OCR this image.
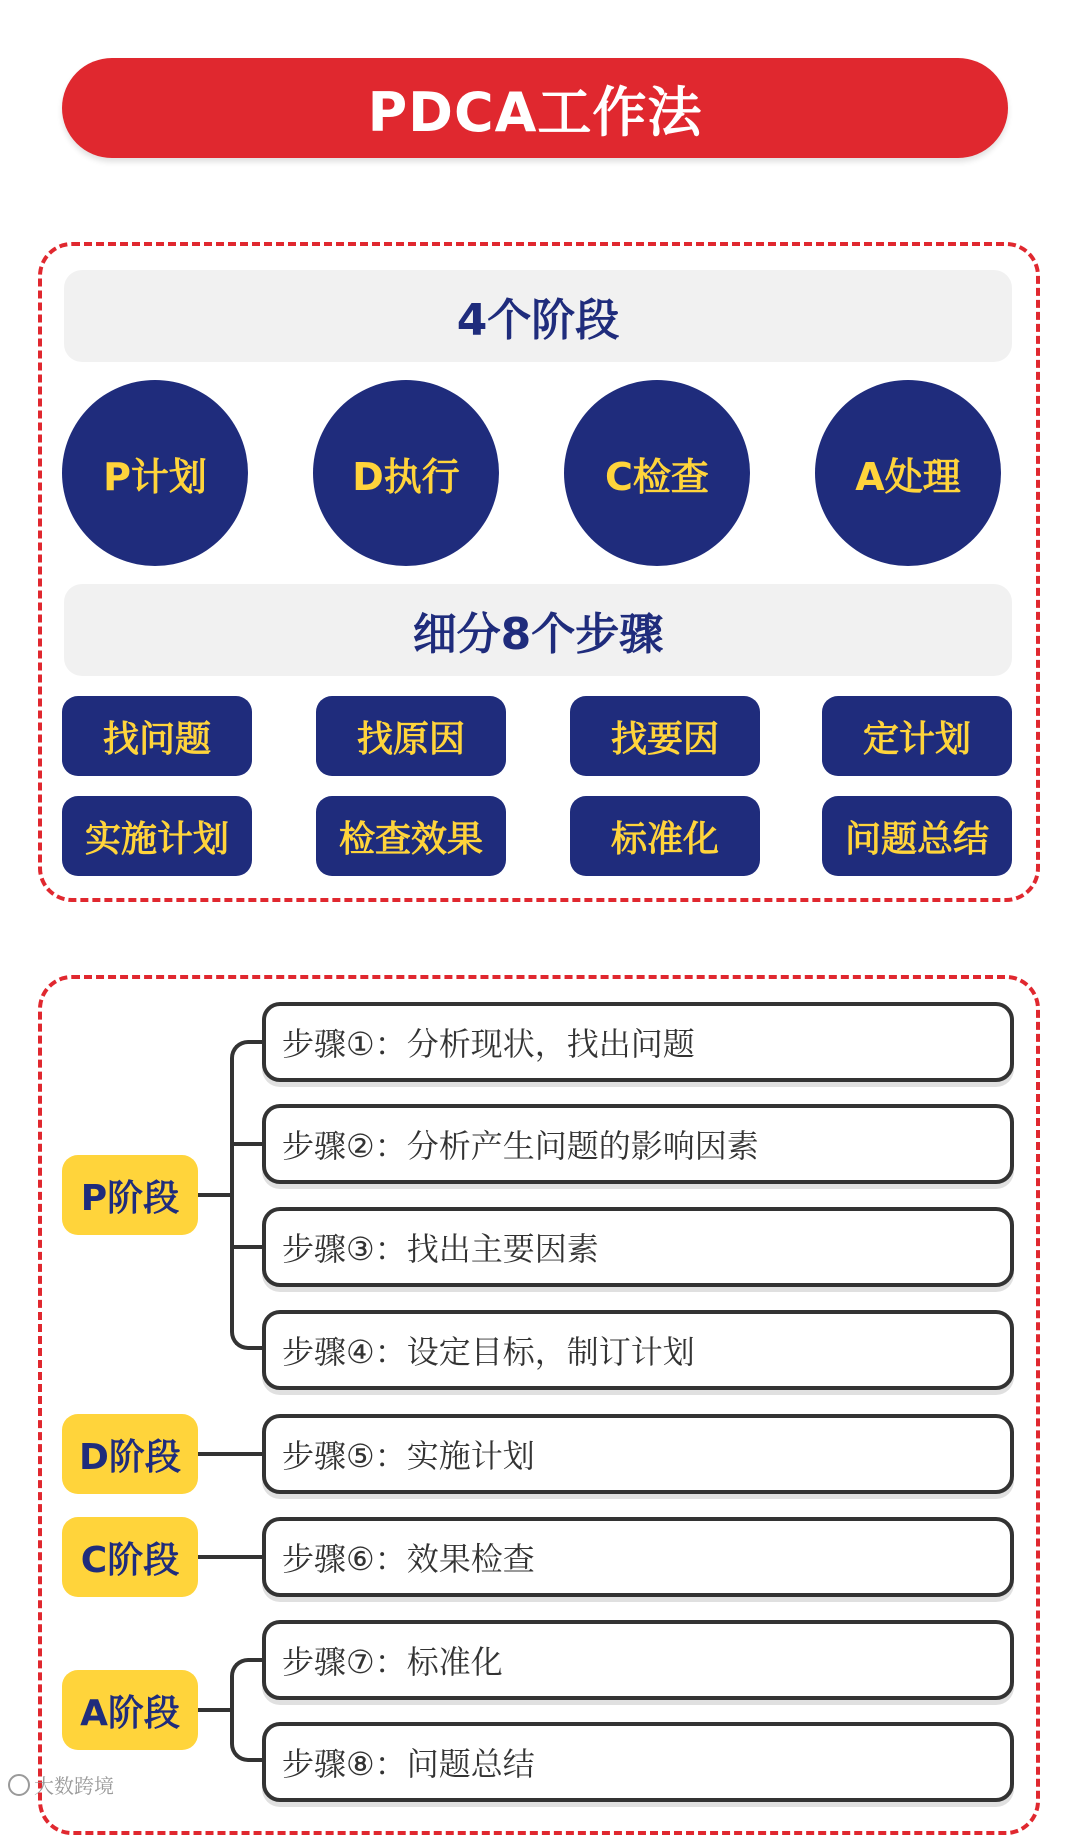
PDCA工作法
4个阶段
P计划	D执行	C检查	A处理
细分8个步骤
找问题	找原因	找要因	定计划
实施计划	检查效果	标准化	问题总结
P阶段
D阶段
C阶段
A阶段
步骤①：分析现状，找出问题
步骤②：分析产生问题的影响因素
步骤③：找出主要因素
步骤④：设定目标，制订计划
步骤⑤：实施计划
步骤⑥：效果检查
步骤⑦：标准化
步骤⑧：问题总结
大数跨境
